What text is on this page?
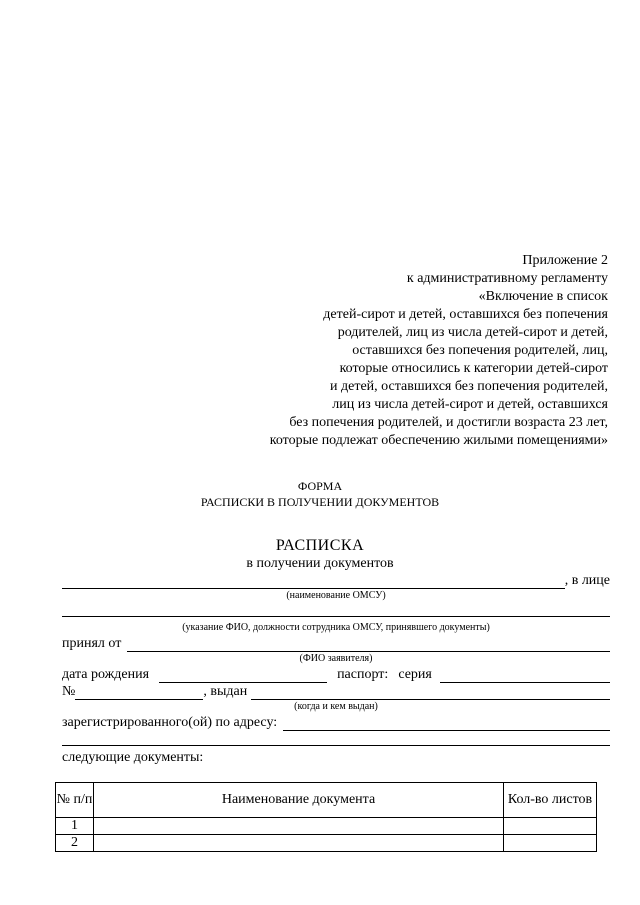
Приложение 2
к административному регламенту
«Включение в список
детей-сирот и детей, оставшихся без попечения
родителей, лиц из числа детей-сирот и детей,
оставшихся без попечения родителей, лиц,
которые относились к категории детей-сирот
и детей, оставшихся без попечения родителей,
лиц из числа детей-сирот и детей, оставшихся
без попечения родителей, и достигли возраста 23 лет,
которые подлежат обеспечению жилыми помещениями»
ФОРМА
РАСПИСКИ В ПОЛУЧЕНИИ ДОКУМЕНТОВ
РАСПИСКА
в получении документов
, в лице
(наименование ОМСУ)
(указание ФИО, должности сотрудника ОМСУ, принявшего документы)
принял от
(ФИО заявителя)
дата рождения	паспорт: серия
№	, выдан
(когда и кем выдан)
зарегистрированного(ой) по адресу:
следующие документы:
№ п/п	Наименование документа	Кол-во листов
1		
2		
